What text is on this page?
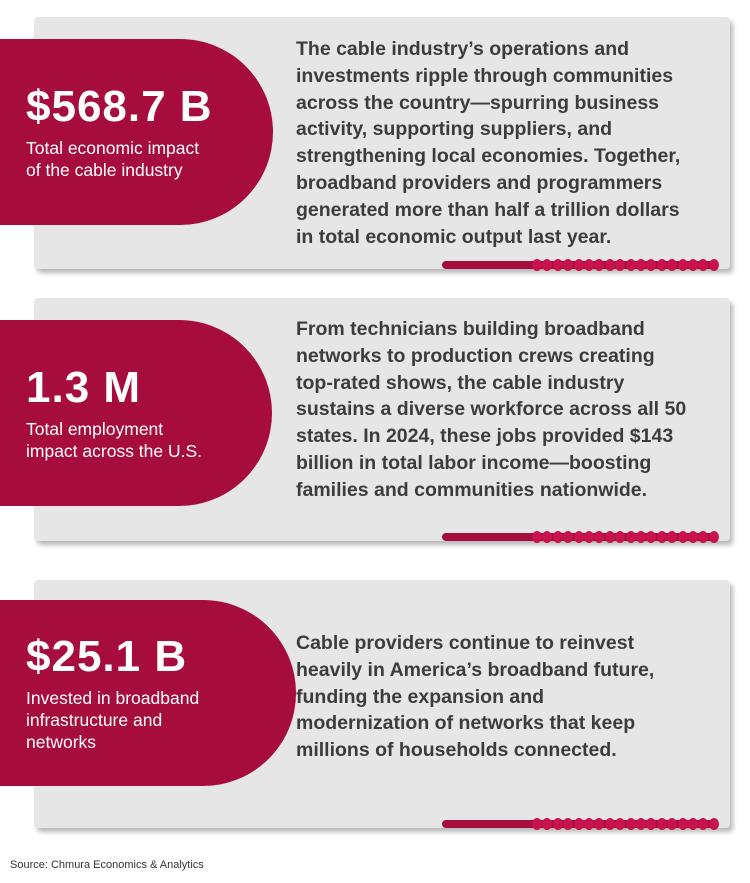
$568.7 B
Total economic impact
of the cable industry
The cable industry’s operations and
investments ripple through communities
across the country—spurring business
activity, supporting suppliers, and
strengthening local economies. Together,
broadband providers and programmers
generated more than half a trillion dollars
in total economic output last year.
1.3 M
Total employment
impact across the U.S.
From technicians building broadband
networks to production crews creating
top-rated shows, the cable industry
sustains a diverse workforce across all 50
states. In 2024, these jobs provided $143
billion in total labor income—boosting
families and communities nationwide.
$25.1 B
Invested in broadband
infrastructure and
networks
Cable providers continue to reinvest
heavily in America’s broadband future,
funding the expansion and
modernization of networks that keep
millions of households connected.
Source: Chmura Economics & Analytics
